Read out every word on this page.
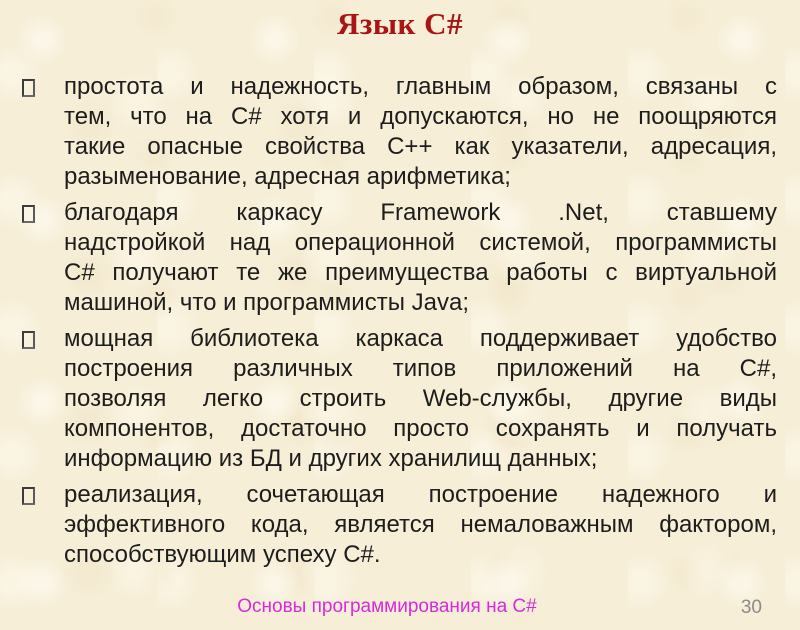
Язык C#
простота и надежность, главным образом, связаны с
тем, что на C# хотя и допускаются, но не поощряются
такие опасные свойства C++ как указатели, адресация,
разыменование, адресная арифметика;
благодаря каркасу Framework .Net, ставшему
надстройкой над операционной системой, программисты
C# получают те же преимущества работы с виртуальной
машиной, что и программисты Java;
мощная библиотека каркаса поддерживает удобство
построения различных типов приложений на C#,
позволяя легко строить Web-службы, другие виды
компонентов, достаточно просто сохранять и получать
информацию из БД и других хранилищ данных;
реализация, сочетающая построение надежного и
эффективного кода, является немаловажным фактором,
способствующим успеху C#.
Основы программирования на C#	30
